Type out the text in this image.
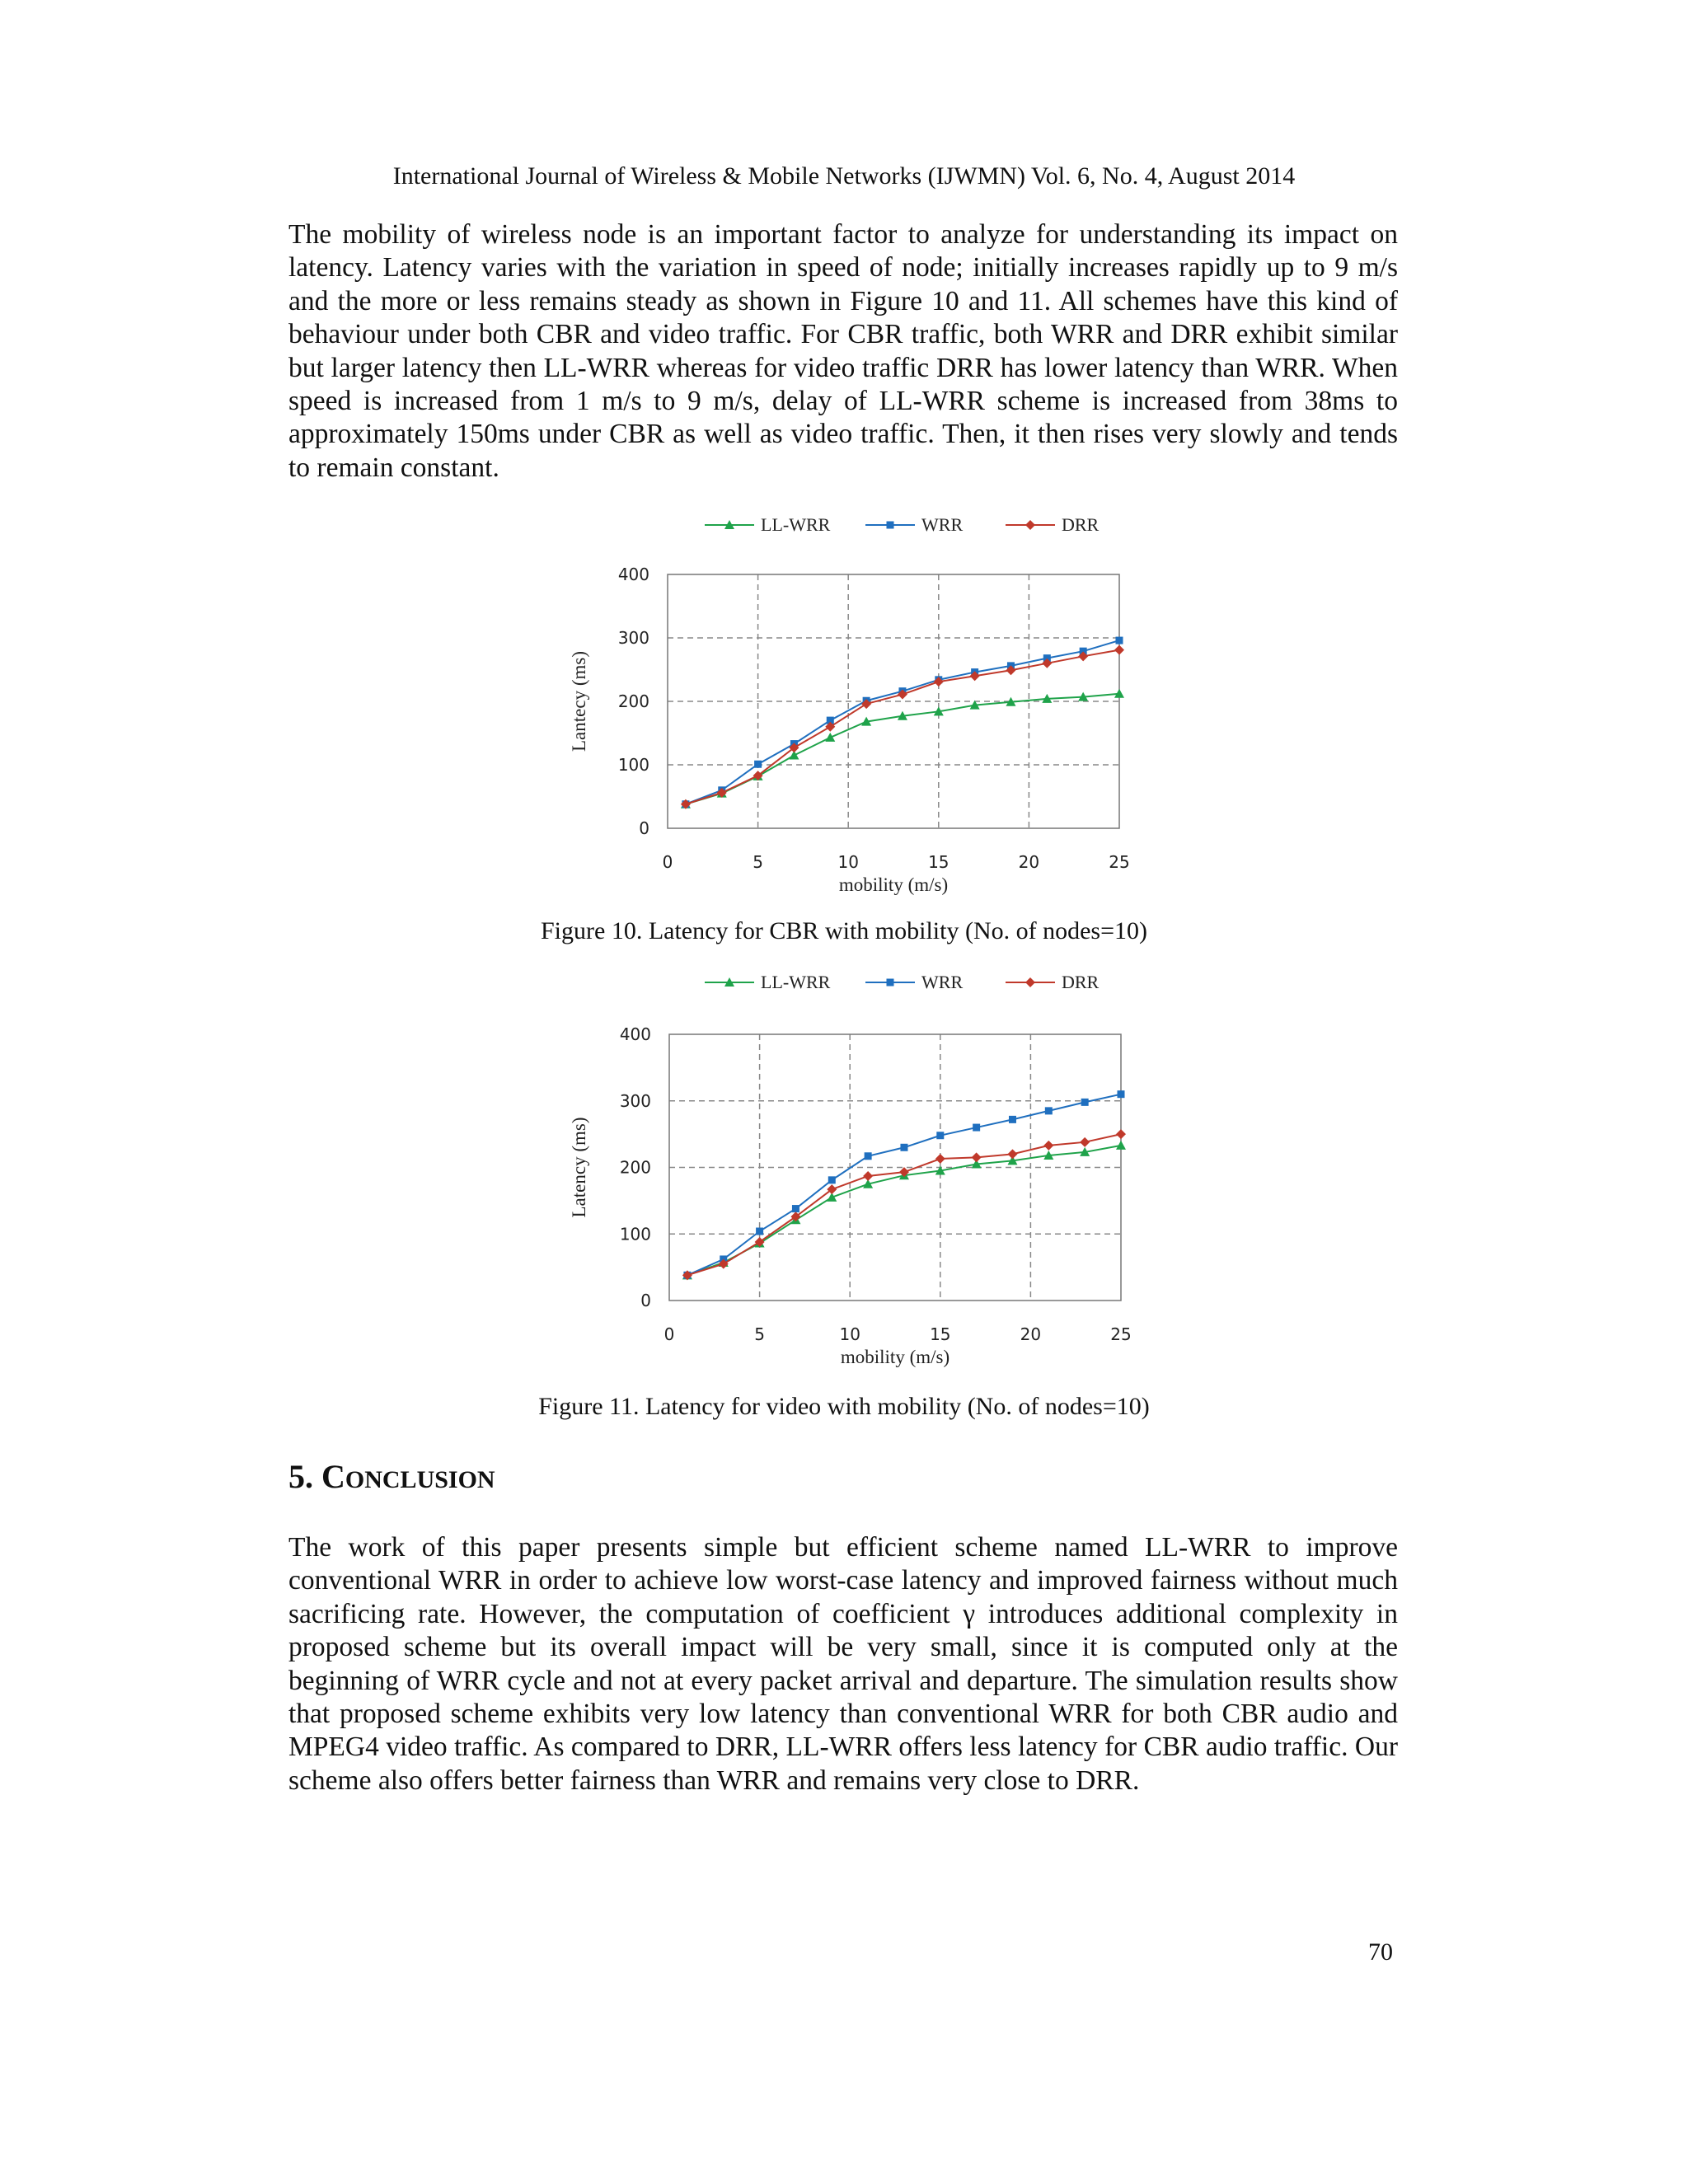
International Journal of Wireless & Mobile Networks (IJWMN) Vol. 6, No. 4, August 2014

The mobility of wireless node is an important factor to analyze for understanding its impact on latency. Latency varies with the variation in speed of node; initially increases rapidly up to 9 m/s and the more or less remains steady as shown in Figure 10 and 11. All schemes have this kind of behaviour under both CBR and video traffic. For CBR traffic, both WRR and DRR exhibit similar but larger latency then LL-WRR whereas for video traffic DRR has lower latency than WRR. When speed is increased from 1 m/s to 9 m/s, delay of LL-WRR scheme is increased from 38ms to approximately 150ms under CBR as well as video traffic. Then, it then rises very slowly and tends to remain constant.

LL-WRR	WRR	DRR
0
100
200
300
400
0	5	10	15	20	25
mobility (m/s)
Lantecy (ms)
Figure 10. Latency for CBR with mobility (No. of nodes=10)
LL-WRR	WRR	DRR
0
100
200
300
400
0	5	10	15	20	25
mobility (m/s)
Latency (ms)
Figure 11. Latency for video with mobility (No. of nodes=10)
5. CONCLUSION

The work of this paper presents simple but efficient scheme named LL-WRR to improve conventional WRR in order to achieve low worst-case latency and improved fairness without much sacrificing rate. However, the computation of coefficient γ introduces additional complexity in proposed scheme but its overall impact will be very small, since it is computed only at the beginning of WRR cycle and not at every packet arrival and departure. The simulation results show that proposed scheme exhibits very low latency than conventional WRR for both CBR audio and MPEG4 video traffic. As compared to DRR, LL-WRR offers less latency for CBR audio traffic. Our scheme also offers better fairness than WRR and remains very close to DRR.

70
